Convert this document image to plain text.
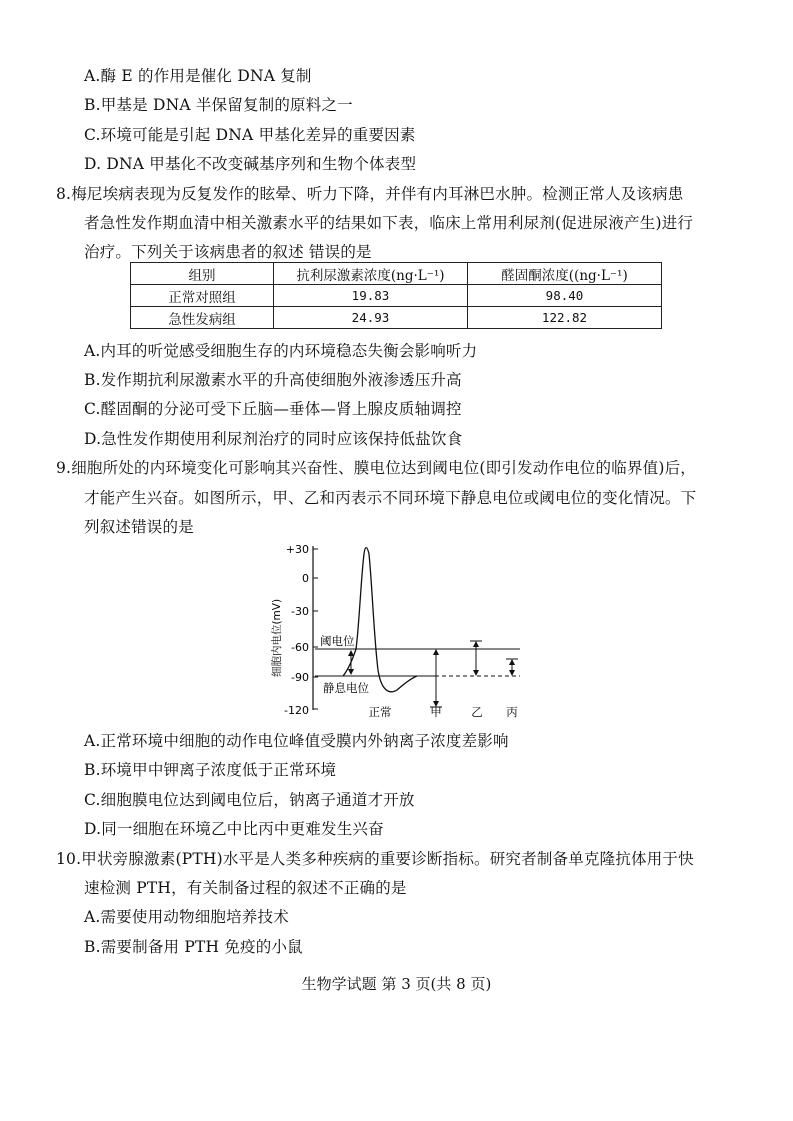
A.酶 E 的作用是催化 DNA 复制
B.甲基是 DNA 半保留复制的原料之一
C.环境可能是引起 DNA 甲基化差异的重要因素
D. DNA 甲基化不改变碱基序列和生物个体表型
8.梅尼埃病表现为反复发作的眩晕、听力下降，并伴有内耳淋巴水肿。检测正常人及该病患
者急性发作期血清中相关激素水平的结果如下表，临床上常用利尿剂(促进尿液产生)进行
治疗。下列关于该病患者的叙述 错误的是
组别	抗利尿激素浓度(ng·L⁻¹)	醛固酮浓度((ng·L⁻¹)
正常对照组	19.83	98.40
急性发病组	24.93	122.82
A.内耳的听觉感受细胞生存的内环境稳态失衡会影响听力
B.发作期抗利尿激素水平的升高使细胞外液渗透压升高
C.醛固酮的分泌可受下丘脑—垂体—肾上腺皮质轴调控
D.急性发作期使用利尿剂治疗的同时应该保持低盐饮食
9.细胞所处的内环境变化可影响其兴奋性、膜电位达到阈电位(即引发动作电位的临界值)后，
才能产生兴奋。如图所示，甲、乙和丙表示不同环境下静息电位或阈电位的变化情况。下
列叙述错误的是
+30
0
-30
-60
-90
-120
细胞内电位(mV)	阈电位
静息电位
正常	甲	乙 丙
A.正常环境中细胞的动作电位峰值受膜内外钠离子浓度差影响
B.环境甲中钾离子浓度低于正常环境
C.细胞膜电位达到阈电位后，钠离子通道才开放
D.同一细胞在环境乙中比丙中更难发生兴奋
10.甲状旁腺激素(PTH)水平是人类多种疾病的重要诊断指标。研究者制备单克隆抗体用于快
速检测 PTH，有关制备过程的叙述不正确的是
A.需要使用动物细胞培养技术
B.需要制备用 PTH 免疫的小鼠
生物学试题 第 3 页(共 8 页)
